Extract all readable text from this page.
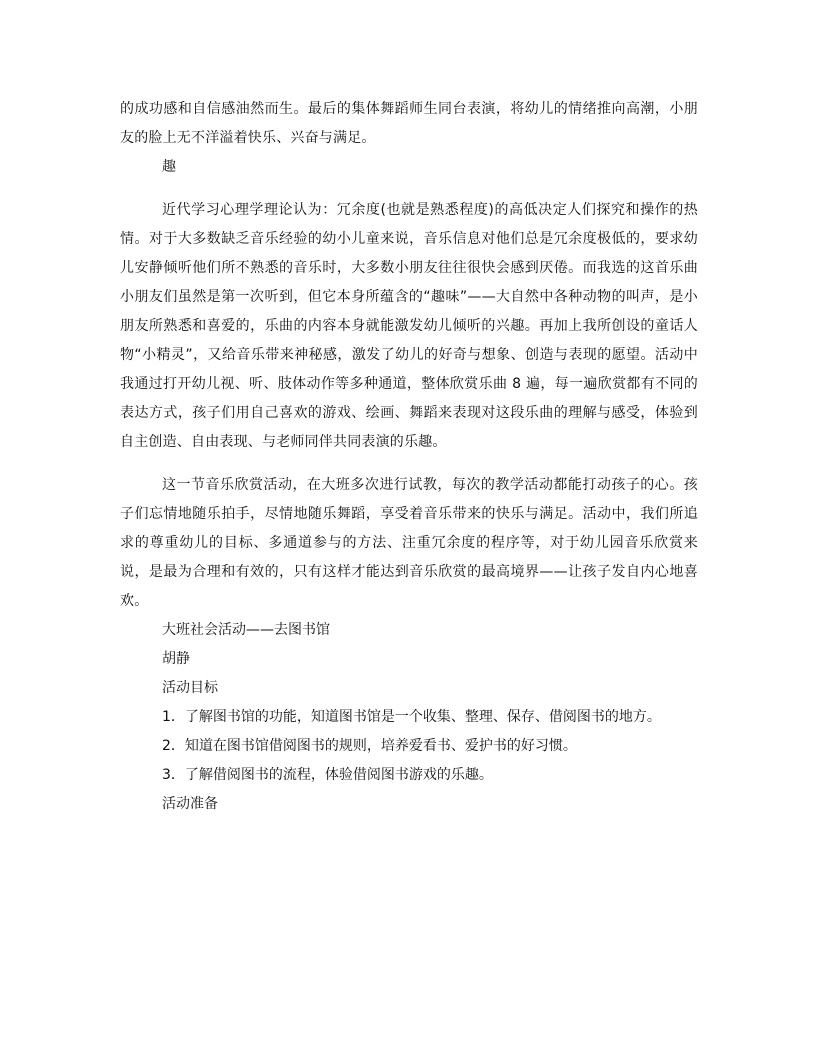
的成功感和自信感油然而生。最后的集体舞蹈师生同台表演，将幼儿的情绪推向高潮，小朋友的脸上无不洋溢着快乐、兴奋与满足。

趣

近代学习心理学理论认为：冗余度(也就是熟悉程度)的高低决定人们探究和操作的热情。对于大多数缺乏音乐经验的幼小儿童来说，音乐信息对他们总是冗余度极低的，要求幼儿安静倾听他们所不熟悉的音乐时，大多数小朋友往往很快会感到厌倦。而我选的这首乐曲小朋友们虽然是第一次听到，但它本身所蕴含的“趣味”——大自然中各种动物的叫声，是小朋友所熟悉和喜爱的，乐曲的内容本身就能激发幼儿倾听的兴趣。再加上我所创设的童话人物“小精灵”，又给音乐带来神秘感，激发了幼儿的好奇与想象、创造与表现的愿望。活动中我通过打开幼儿视、听、肢体动作等多种通道，整体欣赏乐曲 8 遍，每一遍欣赏都有不同的表达方式，孩子们用自己喜欢的游戏、绘画、舞蹈来表现对这段乐曲的理解与感受，体验到自主创造、自由表现、与老师同伴共同表演的乐趣。

这一节音乐欣赏活动，在大班多次进行试教，每次的教学活动都能打动孩子的心。孩子们忘情地随乐拍手，尽情地随乐舞蹈，享受着音乐带来的快乐与满足。活动中，我们所追求的尊重幼儿的目标、多通道参与的方法、注重冗余度的程序等，对于幼儿园音乐欣赏来说，是最为合理和有效的，只有这样才能达到音乐欣赏的最高境界——让孩子发自内心地喜欢。

大班社会活动——去图书馆

胡静

活动目标

1．了解图书馆的功能，知道图书馆是一个收集、整理、保存、借阅图书的地方。

2．知道在图书馆借阅图书的规则，培养爱看书、爱护书的好习惯。

3．了解借阅图书的流程，体验借阅图书游戏的乐趣。

活动准备
